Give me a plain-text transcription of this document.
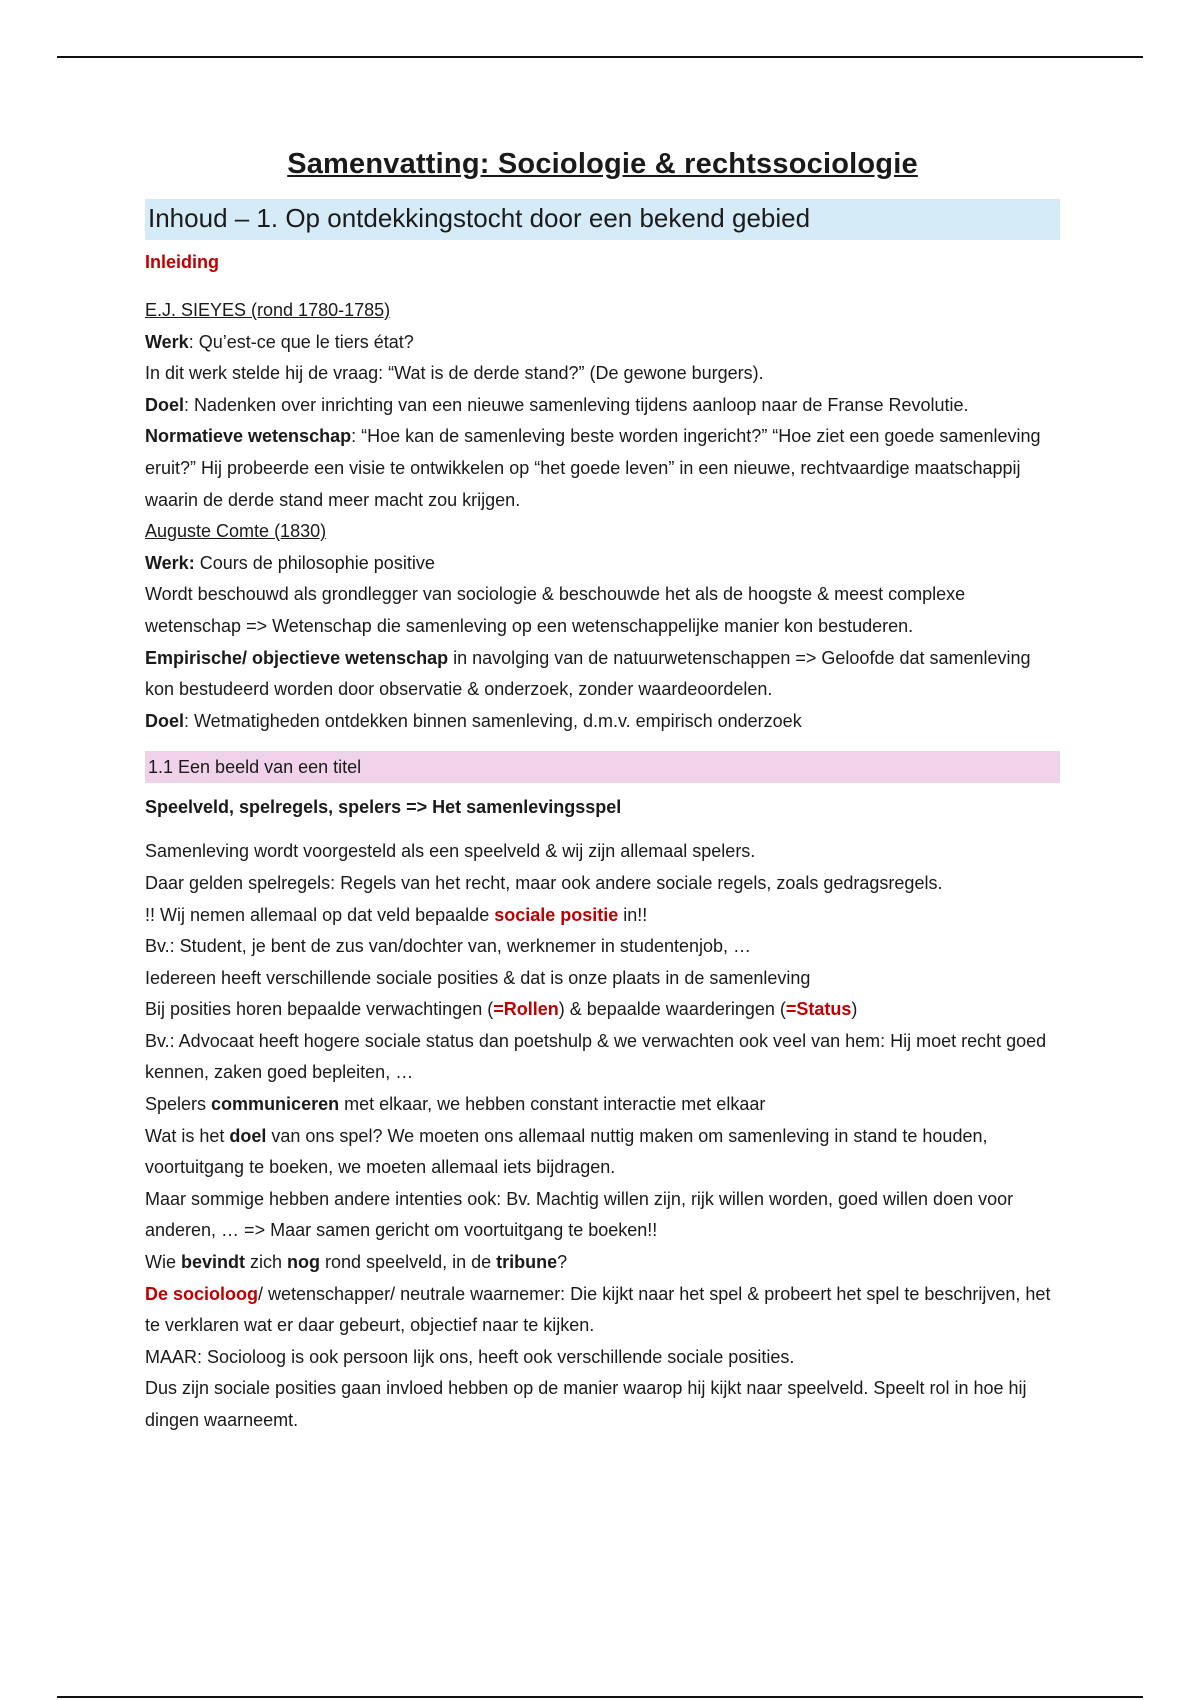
Samenvatting: Sociologie & rechtssociologie
Inhoud – 1. Op ontdekkingstocht door een bekend gebied
Inleiding

E.J. SIEYES (rond 1780-1785)

Werk: Qu’est-ce que le tiers état?

In dit werk stelde hij de vraag: “Wat is de derde stand?” (De gewone burgers).

Doel: Nadenken over inrichting van een nieuwe samenleving tijdens aanloop naar de Franse Revolutie.

Normatieve wetenschap: “Hoe kan de samenleving beste worden ingericht?” “Hoe ziet een goede samenleving eruit?” Hij probeerde een visie te ontwikkelen op “het goede leven” in een nieuwe, rechtvaardige maatschappij waarin de derde stand meer macht zou krijgen.

Auguste Comte (1830)

Werk: Cours de philosophie positive

Wordt beschouwd als grondlegger van sociologie & beschouwde het als de hoogste & meest complexe wetenschap => Wetenschap die samenleving op een wetenschappelijke manier kon bestuderen.

Empirische/ objectieve wetenschap in navolging van de natuurwetenschappen => Geloofde dat samenleving kon bestudeerd worden door observatie & onderzoek, zonder waardeoordelen.

Doel: Wetmatigheden ontdekken binnen samenleving, d.m.v. empirisch onderzoek

1.1 Een beeld van een titel
Speelveld, spelregels, spelers => Het samenlevingsspel

Samenleving wordt voorgesteld als een speelveld & wij zijn allemaal spelers.

Daar gelden spelregels: Regels van het recht, maar ook andere sociale regels, zoals gedragsregels.

!! Wij nemen allemaal op dat veld bepaalde sociale positie in!!

Bv.: Student, je bent de zus van/dochter van, werknemer in studentenjob, …

Iedereen heeft verschillende sociale posities & dat is onze plaats in de samenleving

Bij posities horen bepaalde verwachtingen (=Rollen) & bepaalde waarderingen (=Status)

Bv.: Advocaat heeft hogere sociale status dan poetshulp & we verwachten ook veel van hem: Hij moet recht goed kennen, zaken goed bepleiten, …

Spelers communiceren met elkaar, we hebben constant interactie met elkaar

Wat is het doel van ons spel? We moeten ons allemaal nuttig maken om samenleving in stand te houden, voortuitgang te boeken, we moeten allemaal iets bijdragen.

Maar sommige hebben andere intenties ook: Bv. Machtig willen zijn, rijk willen worden, goed willen doen voor anderen, … => Maar samen gericht om voortuitgang te boeken!!

Wie bevindt zich nog rond speelveld, in de tribune?

De socioloog/ wetenschapper/ neutrale waarnemer: Die kijkt naar het spel & probeert het spel te beschrijven, het te verklaren wat er daar gebeurt, objectief naar te kijken.

MAAR: Socioloog is ook persoon lijk ons, heeft ook verschillende sociale posities.

Dus zijn sociale posities gaan invloed hebben op de manier waarop hij kijkt naar speelveld. Speelt rol in hoe hij dingen waarneemt.
